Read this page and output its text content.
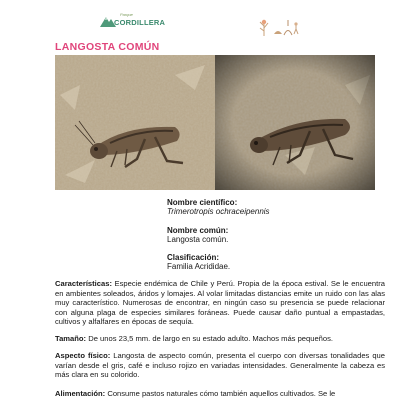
Parque
CORDILLERA
LANGOSTA COMÚN
Nombre científico:
Trimerotropis ochraceipennis
Nombre común:
Langosta común.
Clasificación:
Familia Acrididae.
Características: Especie endémica de Chile y Perú. Propia de la época estival. Se le encuentra en ambientes soleados, áridos y lomajes. Al volar limitadas distancias emite un ruido con las alas muy característico. Numerosas de encontrar, en ningún caso su presencia se puede relacionar con alguna plaga de especies similares foráneas. Puede causar daño puntual a empastadas, cultivos y alfalfares en épocas de sequía.
Tamaño: De unos 23,5 mm. de largo en su estado adulto. Machos más pequeños.
Aspecto físico: Langosta de aspecto común, presenta el cuerpo con diversas tonalidades que varían desde el gris, café e incluso rojizo en variadas intensidades. Generalmente la cabeza es más clara en su colorido.
Alimentación: Consume pastos naturales cómo también aquellos cultivados. Se le
